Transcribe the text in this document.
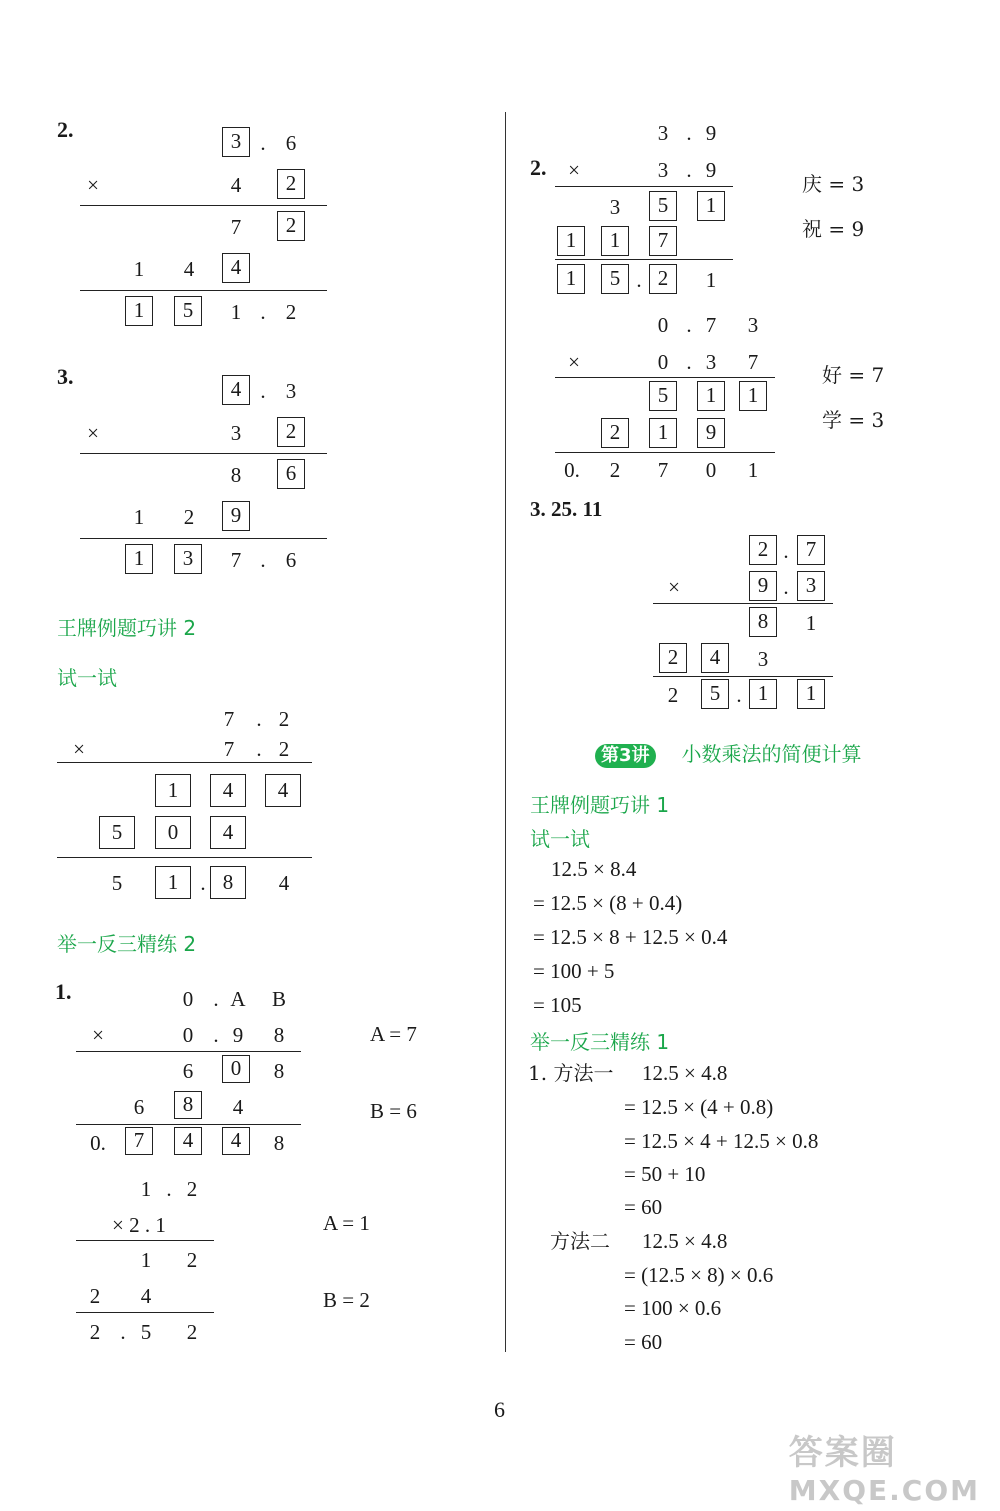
2.	3 . 6
×	4	2
7	2
1 4	4
1	5	1 . 2
3.	4 . 3
×	3	2
8	6
1 2	9
1	3	7 . 6
王牌例题巧讲 2
试一试
7	. 2
×	7	. 2
1	4	4
5	0	4
5	1	. 8	4
举一反三精练 2
1.	0 . A B
×	0 . 9 8
6	0	8
6	8	4
0.	7	4	4	8
A = 7
B = 6
1 . 2
× 2 . 1
1 2
2 4
2 . 5 2
A = 1
B = 2
3 . 9
2. ×	3 . 9
3	5	1
1	1	7
1	5 . 2	1
庆 = 3
祝 = 9
0 . 7 3
×	0 . 3 7
5	1	1
2	1	9
0. 2 7 0 1
好 = 7
学 = 3
3. 25. 11
2 . 7
×	9 . 3
8	1
2	4	3
2	5 . 1	1
第3讲 小数乘法的简便计算
王牌例题巧讲 1
试一试
12.5 × 8.4
= 12.5 × (8 + 0.4)
= 12.5 × 8 + 12.5 × 0.4
= 100 + 5
= 105
举一反三精练 1
1. 方法一 12.5 × 4.8
= 12.5 × (4 + 0.8)
= 12.5 × 4 + 12.5 × 0.8
= 50 + 10
= 60
方法二 12.5 × 4.8
= (12.5 × 8) × 0.6
= 100 × 0.6
= 60
6
答案圈
MXQE.COM
